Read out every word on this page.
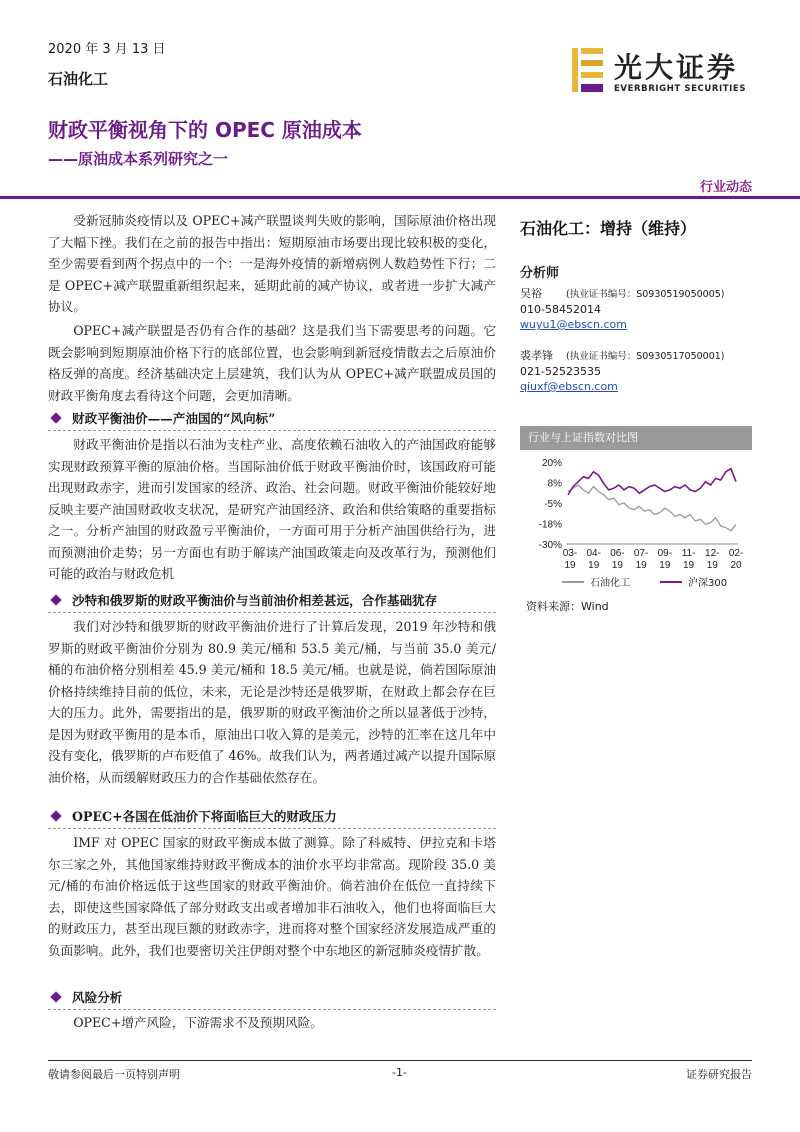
2020 年 3 月 13 日
石油化工	光大证券
EVERBRIGHT SECURITIES
财政平衡视角下的 OPEC 原油成本
——原油成本系列研究之一
行业动态
受新冠肺炎疫情以及 OPEC+减产联盟谈判失败的影响，国际原油价格出现了大幅下挫。我们在之前的报告中指出：短期原油市场要出现比较积极的变化，至少需要看到两个拐点中的一个：一是海外疫情的新增病例人数趋势性下行；二是 OPEC+减产联盟重新组织起来，延期此前的减产协议，或者进一步扩大减产协议。
OPEC+减产联盟是否仍有合作的基础？这是我们当下需要思考的问题。它既会影响到短期原油价格下行的底部位置，也会影响到新冠疫情散去之后原油价格反弹的高度。经济基础决定上层建筑，我们认为从 OPEC+减产联盟成员国的财政平衡角度去看待这个问题，会更加清晰。
财政平衡油价——产油国的“风向标”
财政平衡油价是指以石油为支柱产业、高度依赖石油收入的产油国政府能够实现财政预算平衡的原油价格。当国际油价低于财政平衡油价时，该国政府可能出现财政赤字，进而引发国家的经济、政治、社会问题。财政平衡油价能较好地反映主要产油国财政收支状况，是研究产油国经济、政治和供给策略的重要指标之一。分析产油国的财政盈亏平衡油价，一方面可用于分析产油国供给行为，进而预测油价走势；另一方面也有助于解读产油国政策走向及改革行为，预测他们可能的政治与财政危机
沙特和俄罗斯的财政平衡油价与当前油价相差甚远，合作基础犹存
我们对沙特和俄罗斯的财政平衡油价进行了计算后发现，2019 年沙特和俄罗斯的财政平衡油价分别为 80.9 美元/桶和 53.5 美元/桶，与当前 35.0 美元/桶的布油价格分别相差 45.9 美元/桶和 18.5 美元/桶。也就是说，倘若国际原油价格持续维持目前的低位，未来，无论是沙特还是俄罗斯，在财政上都会存在巨大的压力。此外，需要指出的是，俄罗斯的财政平衡油价之所以显著低于沙特，是因为财政平衡用的是本币，原油出口收入算的是美元，沙特的汇率在这几年中没有变化，俄罗斯的卢布贬值了 46%。故我们认为，两者通过减产以提升国际原油价格，从而缓解财政压力的合作基础依然存在。
OPEC+各国在低油价下将面临巨大的财政压力
IMF 对 OPEC 国家的财政平衡成本做了测算。除了科威特、伊拉克和卡塔尔三家之外，其他国家维持财政平衡成本的油价水平均非常高。现阶段 35.0 美元/桶的布油价格远低于这些国家的财政平衡油价。倘若油价在低位一直持续下去，即使这些国家降低了部分财政支出或者增加非石油收入，他们也将面临巨大的财政压力，甚至出现巨额的财政赤字，进而将对整个国家经济发展造成严重的负面影响。此外，我们也要密切关注伊朗对整个中东地区的新冠肺炎疫情扩散。
风险分析
OPEC+增产风险，下游需求不及预期风险。
石油化工：增持（维持）
分析师
吴裕	(执业证书编号：S0930519050005)
010-58452014
wuyu1@ebscn.com
裘孝锋 (执业证书编号：S0930517050001)
021-52523535
qiuxf@ebscn.com
行业与上证指数对比图
20%
8%
-5%
-18%
-30%
03-
19
04-
19
06-
19
07-
19
09-
19
11-
19
12-
19
02-
20
石油化工	沪深300
资料来源：Wind
敬请参阅最后一页特别声明	-1-	证券研究报告
